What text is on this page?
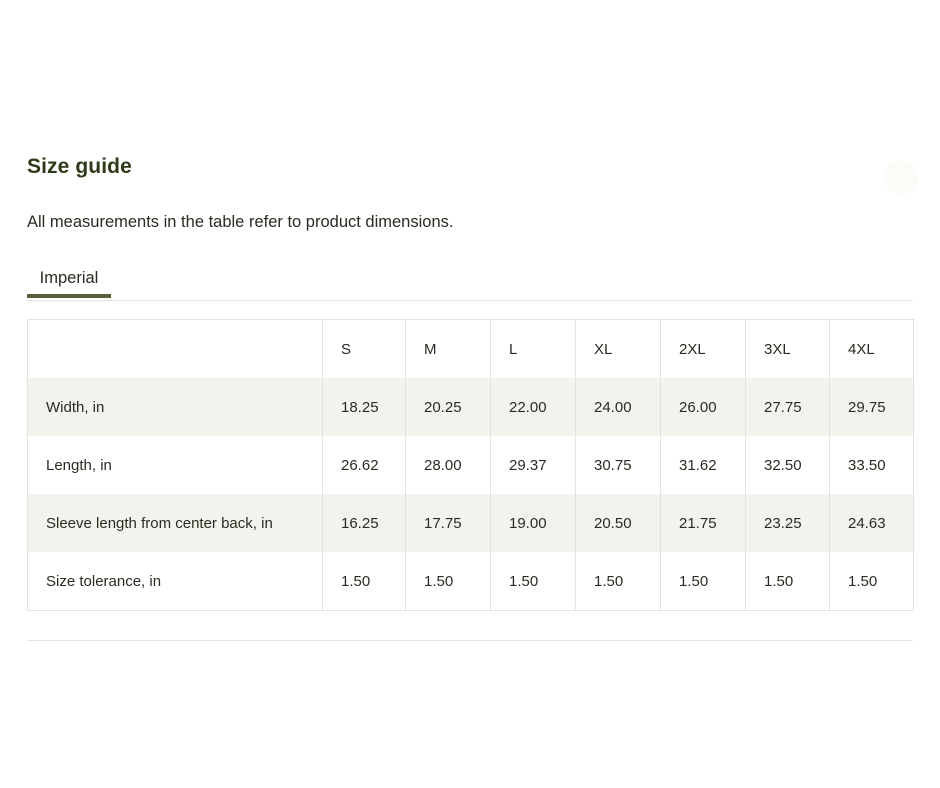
Size guide

All measurements in the table refer to product dimensions.

Imperial
	S	M	L	XL	2XL	3XL	4XL
Width, in	18.25	20.25	22.00	24.00	26.00	27.75	29.75
Length, in	26.62	28.00	29.37	30.75	31.62	32.50	33.50
Sleeve length from center back, in	16.25	17.75	19.00	20.50	21.75	23.25	24.63
Size tolerance, in	1.50	1.50	1.50	1.50	1.50	1.50	1.50
